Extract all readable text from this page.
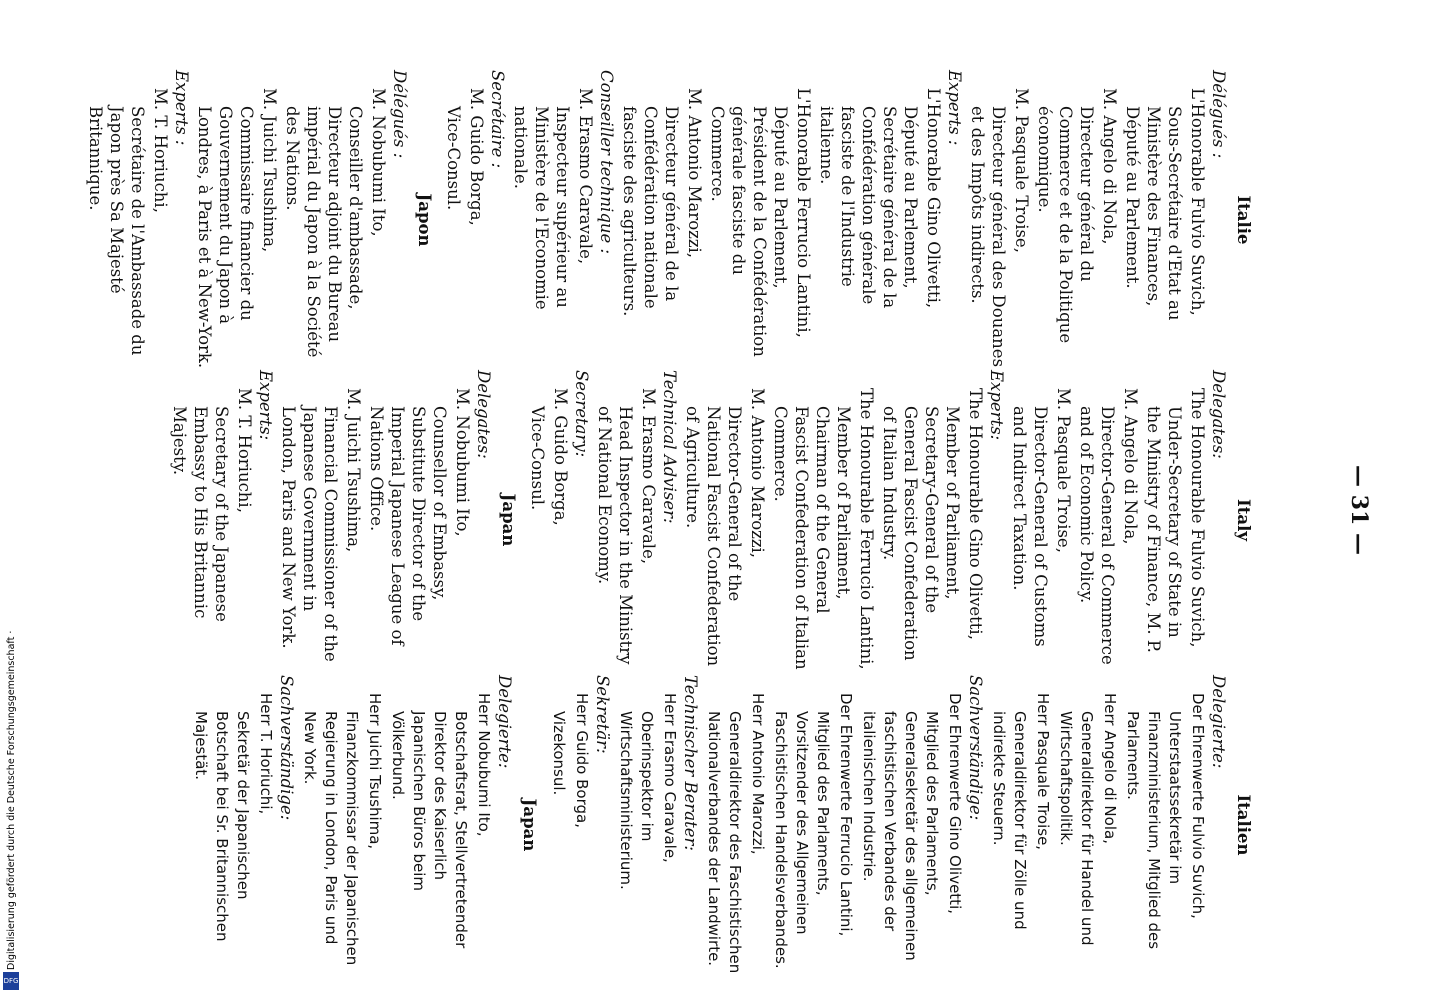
— 31 —
Italie
Délégués :
L'Honorable Fulvio Suvich,
Sous-Secrétaire d'Etat au Ministère des Finances, Député au Parlement.
M. Angelo di Nola,
Directeur général du Commerce et de la Politique économique.
M. Pasquale Troise,
Directeur général des Douanes et des Impôts indirects.
Experts :
L'Honorable Gino Olivetti,
Député au Parlement, Secrétaire général de la Confédération générale fasciste de l'Industrie italienne.
L'Honorable Ferrucio Lantini,
Député au Parlement, Président de la Confédération générale fasciste du Commerce.
M. Antonio Marozzi,
Directeur général de la Confédération nationale fasciste des agriculteurs.
Conseiller technique :
M. Erasmo Caravale,
Inspecteur supérieur au Ministère de l'Economie nationale.
Secrétaire :
M. Guido Borga,
Vice-Consul.
Japon
Délégués :
M. Nobubumi Ito,
Conseiller d'ambassade, Directeur adjoint du Bureau impérial du Japon à la Société des Nations.
M. Juichi Tsushima,
Commissaire financier du Gouvernement du Japon à Londres, à Paris et à New-York.
Experts :
M. T. Horiuchi,
Secrétaire de l'Ambassade du Japon près Sa Majesté Britannique.
Italy
Delegates:
The Honourable Fulvio Suvich,
Under-Secretary of State in the Ministry of Finance, M. P.
M. Angelo di Nola,
Director-General of Commerce and of Economic Policy.
M. Pasquale Troise,
Director-General of Customs and Indirect Taxation.
Experts:
The Honourable Gino Olivetti,
Member of Parliament, Secretary-General of the General Fascist Confederation of Italian Industry.
The Honourable Ferrucio Lantini,
Member of Parliament, Chairman of the General Fascist Confederation of Italian Commerce.
M. Antonio Marozzi,
Director-General of the National Fascist Confederation of Agriculture.
Technical Adviser:
M. Erasmo Caravale,
Head Inspector in the Ministry of National Economy.
Secretary:
M. Guido Borga,
Vice-Consul.
Japan
Delegates:
M. Nobubumi Ito,
Counsellor of Embassy, Substitute Director of the Imperial Japanese League of Nations Office.
M. Juichi Tsushima,
Financial Commissioner of the Japanese Government in London, Paris and New York.
Experts:
M. T. Horiuchi,
Secretary of the Japanese Embassy to His Britannic Majesty.
Italien
Delegierte:
Der Ehrenwerte Fulvio Suvich,
Unterstaatssekretär im Finanzministerium, Mitglied des Parlaments.
Herr Angelo di Nola,
Generaldirektor für Handel und Wirtschaftspolitik.
Herr Pasquale Troise,
Generaldirektor für Zölle und indirekte Steuern.
Sachverständige:
Der Ehrenwerte Gino Olivetti,
Mitglied des Parlaments, Generalsekretär des allgemeinen faschistischen Verbandes der italienischen Industrie.
Der Ehrenwerte Ferrucio Lantini,
Mitglied des Parlaments, Vorsitzender des Allgemeinen Faschistischen Handelsverbandes.
Herr Antonio Marozzi,
Generaldirektor des Faschistischen Nationalverbandes der Landwirte.
Technischer Berater:
Herr Erasmo Caravale,
Oberinspektor im Wirtschaftsministerium.
Sekretär:
Herr Guido Borga,
Vizekonsul.
Japan
Delegierte:
Herr Nobubumi Ito,
Botschaftsrat, Stellvertretender Direktor des Kaiserlich Japanischen Büros beim Völkerbund.
Herr Juichi Tsushima,
Finanzkommissar der Japanischen Regierung in London, Paris und New York.
Sachverständige:
Herr T. Horiuchi,
Sekretär der Japanischen Botschaft bei Sr. Britannischen Majestät.
Digitalisierung gefördert durch die Deutsche Forschungsgemeinschaft ·
DFG
